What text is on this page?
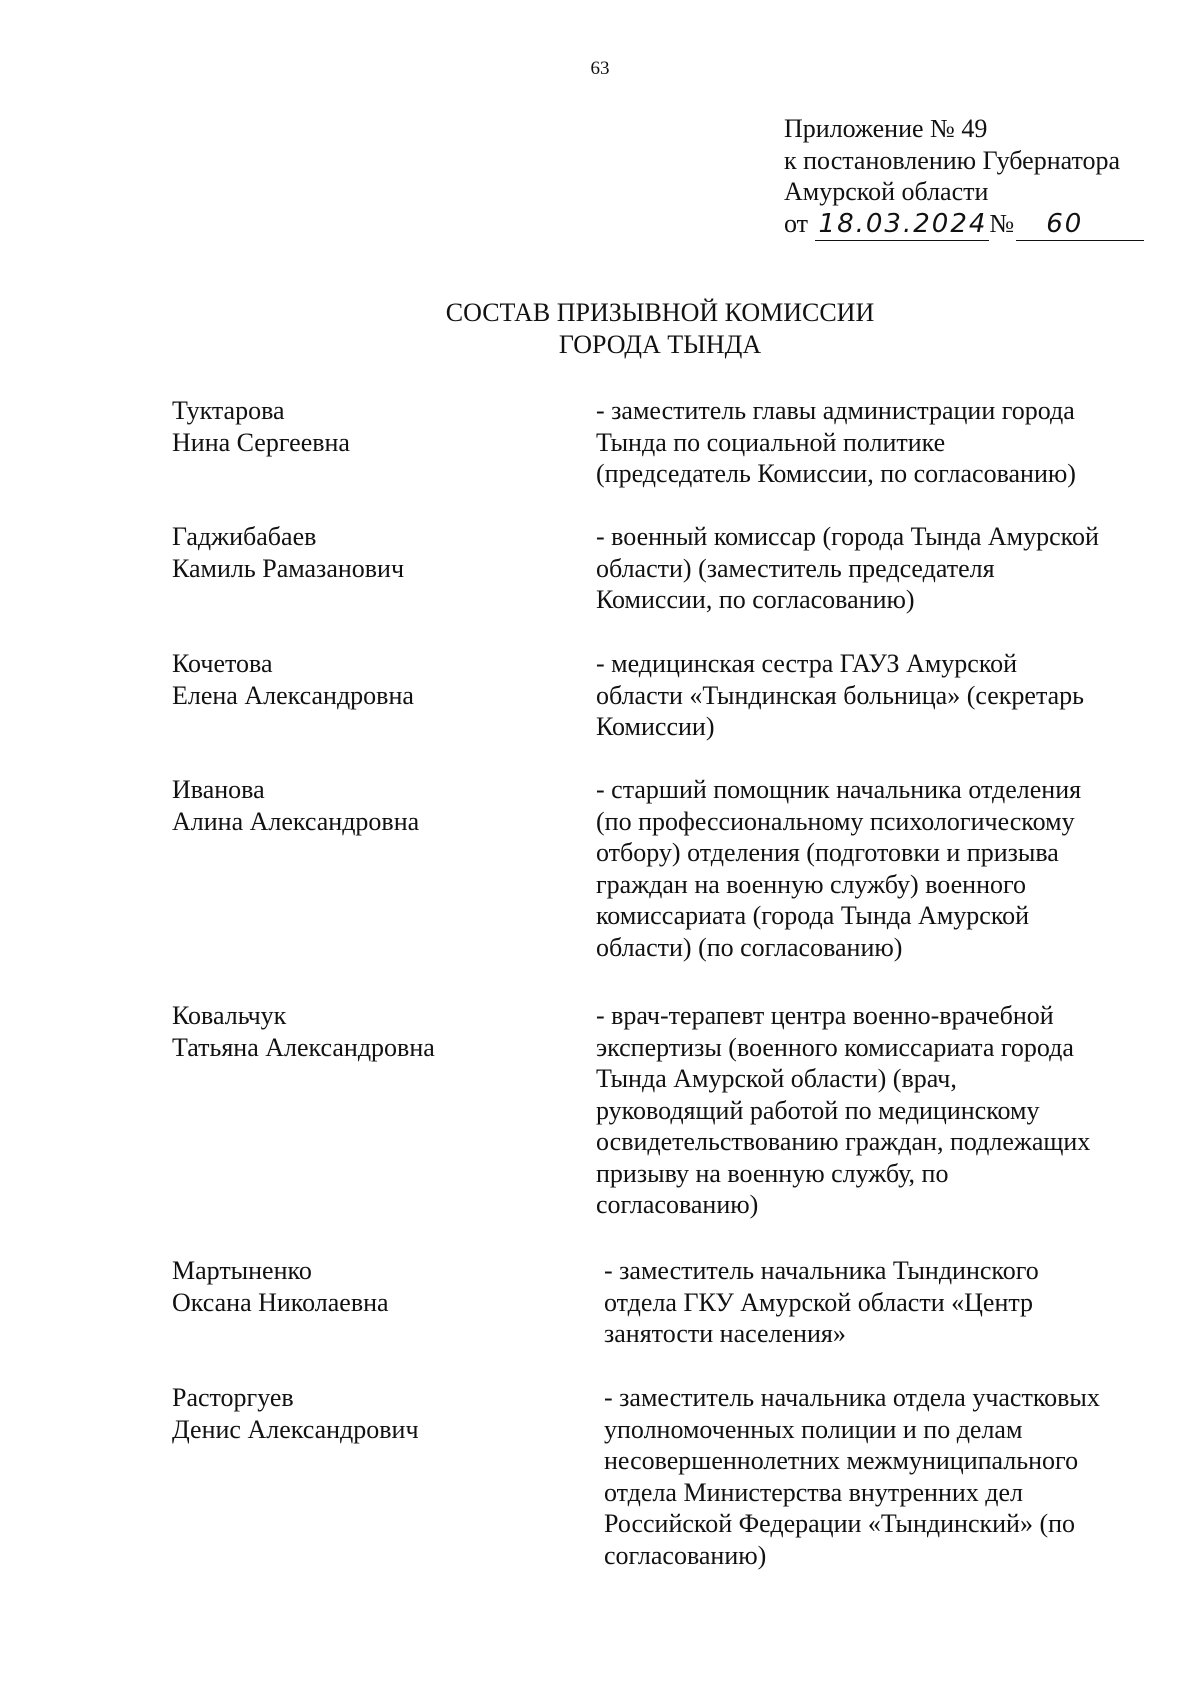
63
Приложение № 49
к постановлению Губернатора
Амурской области
от 18.03.2024№ 60
СОСТАВ ПРИЗЫВНОЙ КОМИССИИ
ГОРОДА ТЫНДА
Туктарова
Нина Сергеевна
- заместитель главы администрации города
Тында по социальной политике
(председатель Комиссии, по согласованию)
Гаджибабаев
Камиль Рамазанович
- военный комиссар (города Тында Амурской
области) (заместитель председателя
Комиссии, по согласованию)
Кочетова
Елена Александровна
- медицинская сестра ГАУЗ Амурской
области «Тындинская больница» (секретарь
Комиссии)
Иванова
Алина Александровна
- старший помощник начальника отделения
(по профессиональному психологическому
отбору) отделения (подготовки и призыва
граждан на военную службу) военного
комиссариата (города Тында Амурской
области) (по согласованию)
Ковальчук
Татьяна Александровна
- врач-терапевт центра военно-врачебной
экспертизы (военного комиссариата города
Тында Амурской области) (врач,
руководящий работой по медицинскому
освидетельствованию граждан, подлежащих
призыву на военную службу, по
согласованию)
Мартыненко
Оксана Николаевна
- заместитель начальника Тындинского
отдела ГКУ Амурской области «Центр
занятости населения»
Расторгуев
Денис Александрович
- заместитель начальника отдела участковых
уполномоченных полиции и по делам
несовершеннолетних межмуниципального
отдела Министерства внутренних дел
Российской Федерации «Тындинский» (по
согласованию)
